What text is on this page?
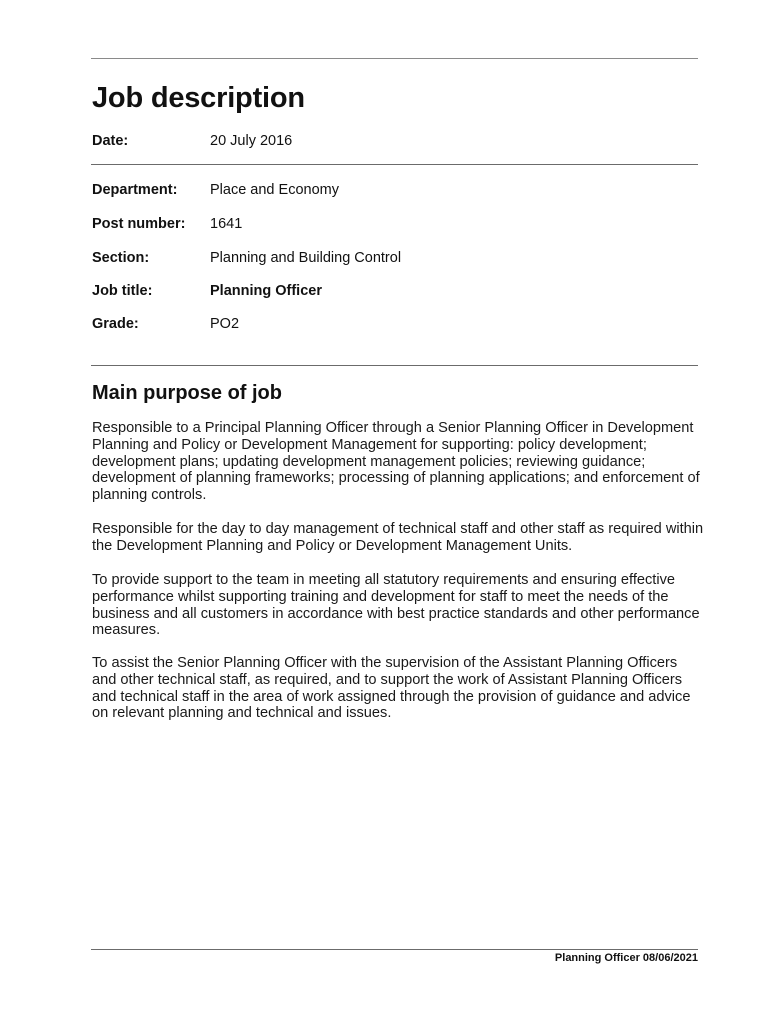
Job description
Date:	20 July 2016
Department: Place and Economy
Post number: 1641
Section:	Planning and Building Control
Job title:	Planning Officer
Grade:	PO2
Main purpose of job

Responsible to a Principal Planning Officer through a Senior Planning Officer in Development Planning and Policy or Development Management for supporting: policy development; development plans; updating development management policies; reviewing guidance; development of planning frameworks; processing of planning applications; and enforcement of planning controls.

Responsible for the day to day management of technical staff and other staff as required within the Development Planning and Policy or Development Management Units.

To provide support to the team in meeting all statutory requirements and ensuring effective performance whilst supporting training and development for staff to meet the needs of the business and all customers in accordance with best practice standards and other performance measures.

To assist the Senior Planning Officer with the supervision of the Assistant Planning Officers and other technical staff, as required, and to support the work of Assistant Planning Officers and technical staff in the area of work assigned through the provision of guidance and advice on relevant planning and technical and issues.

Planning Officer 08/06/2021
